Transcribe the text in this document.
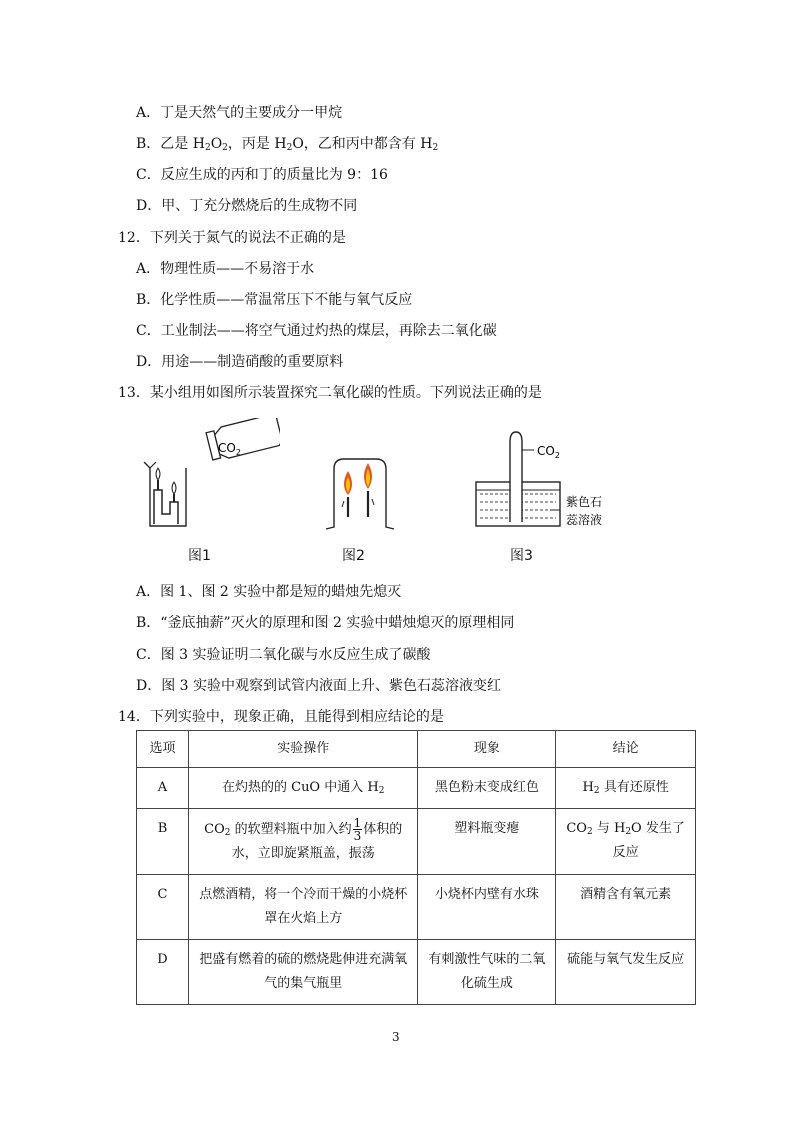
A．丁是天然气的主要成分一甲烷
B．乙是 $H_2O_2$，丙是 $H_2O$，乙和丙中都含有 $H_2$
C．反应生成的丙和丁的质量比为 9：16
D．甲、丁充分燃烧后的生成物不同
12．下列关于氮气的说法不正确的是
A．物理性质——不易溶于水
B．化学性质——常温常压下不能与氧气反应
C．工业制法——将空气通过灼热的煤层，再除去二氧化碳
D．用途——制造硝酸的重要原料
13．某小组用如图所示装置探究二氧化碳的性质。下列说法正确的是
$CO_2$
图1	图2
$CO_2$
紫色石
蕊溶液
图3
A．图 1、图 2 实验中都是短的蜡烛先熄灭
B．“釜底抽薪”灭火的原理和图 2 实验中蜡烛熄灭的原理相同
C．图 3 实验证明二氧化碳与水反应生成了碳酸
D．图 3 实验中观察到试管内液面上升、紫色石蕊溶液变红
14．下列实验中，现象正确，且能得到相应结论的是
选项	实验操作	现象	结论
A	在灼热的的 CuO 中通入 $H_2$	黑色粉末变成红色	$H_2$ 具有还原性
B	$CO_2$ 的软塑料瓶中加入约 $\frac{1}{3}$ 体积的水，立即旋紧瓶盖，振荡	塑料瓶变瘪	$CO_2$ 与 $H_2O$ 发生了反应
C	点燃酒精，将一个冷而干燥的小烧杯罩在火焰上方	小烧杯内壁有水珠	酒精含有氧元素
D	把盛有燃着的硫的燃烧匙伸进充满氧气的集气瓶里	有刺激性气味的二氧化硫生成	硫能与氧气发生反应
3
